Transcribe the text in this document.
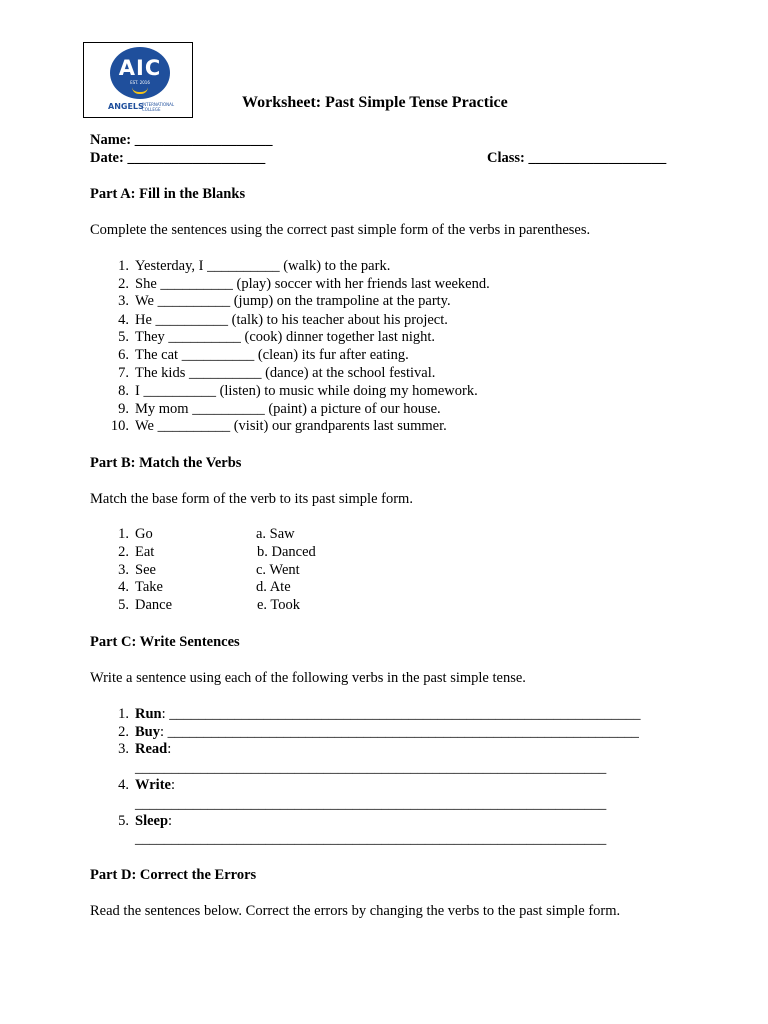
AIC
EST. 2016
ANGELS
INTERNATIONAL COLLEGE	Worksheet: Past Simple Tense Practice
Name: ___________________
Date: ___________________	Class: ___________________
Part A: Fill in the Blanks
Complete the sentences using the correct past simple form of the verbs in parentheses.
1. Yesterday, I __________ (walk) to the park.
2. She __________ (play) soccer with her friends last weekend.
3. We __________ (jump) on the trampoline at the party.
4. He __________ (talk) to his teacher about his project.
5. They __________ (cook) dinner together last night.
6. The cat __________ (clean) its fur after eating.
7. The kids __________ (dance) at the school festival.
8. I __________ (listen) to music while doing my homework.
9. My mom __________ (paint) a picture of our house.
10. We __________ (visit) our grandparents last summer.
Part B: Match the Verbs
Match the base form of the verb to its past simple form.
1. Go	a. Saw
2. Eat	b. Danced
3. See	c. Went
4. Take	d. Ate
5. Dance	e. Took
Part C: Write Sentences
Write a sentence using each of the following verbs in the past simple tense.
1. Run: _________________________________________________________________
2. Buy: _________________________________________________________________
3. Read:
_________________________________________________________________
4. Write:
_________________________________________________________________
5. Sleep:
_________________________________________________________________
Part D: Correct the Errors
Read the sentences below. Correct the errors by changing the verbs to the past simple form.
